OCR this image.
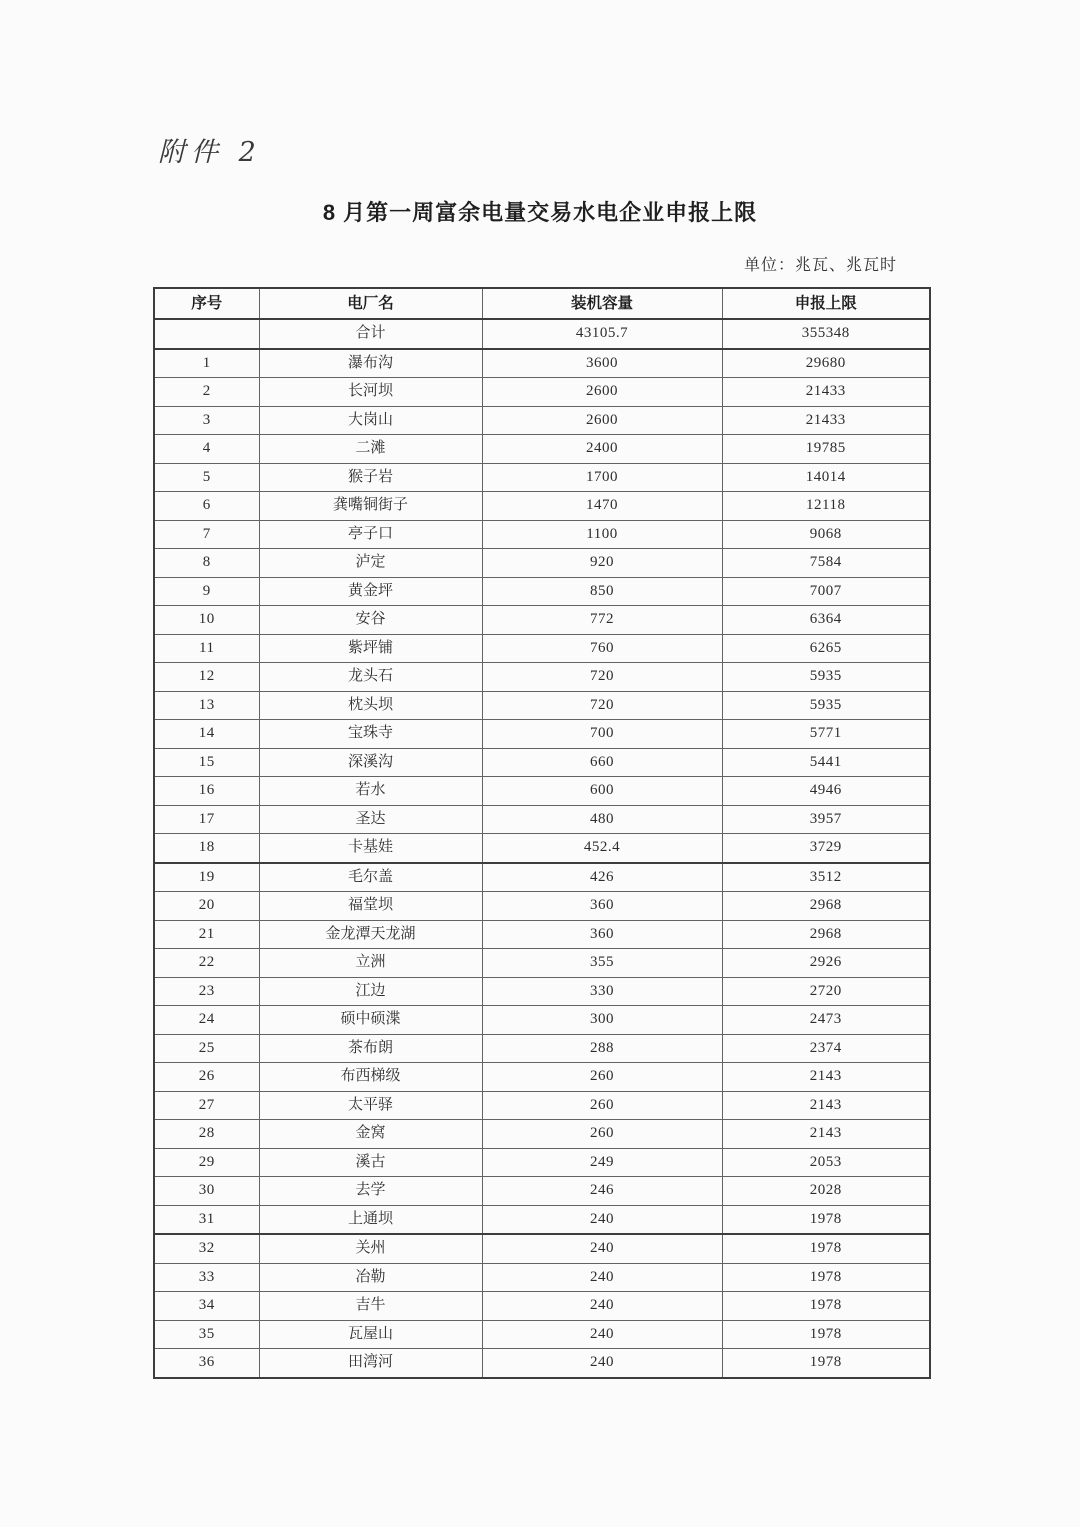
附件 2
8 月第一周富余电量交易水电企业申报上限
单位：兆瓦、兆瓦时
序号	电厂名	装机容量	申报上限
	合计	43105.7	355348
1	瀑布沟	3600	29680
2	长河坝	2600	21433
3	大岗山	2600	21433
4	二滩	2400	19785
5	猴子岩	1700	14014
6	龚嘴铜街子	1470	12118
7	亭子口	1100	9068
8	泸定	920	7584
9	黄金坪	850	7007
10	安谷	772	6364
11	紫坪铺	760	6265
12	龙头石	720	5935
13	枕头坝	720	5935
14	宝珠寺	700	5771
15	深溪沟	660	5441
16	若水	600	4946
17	圣达	480	3957
18	卡基娃	452.4	3729
19	毛尔盖	426	3512
20	福堂坝	360	2968
21	金龙潭天龙湖	360	2968
22	立洲	355	2926
23	江边	330	2720
24	硕中硕渫	300	2473
25	茶布朗	288	2374
26	布西梯级	260	2143
27	太平驿	260	2143
28	金窝	260	2143
29	溪古	249	2053
30	去学	246	2028
31	上通坝	240	1978
32	关州	240	1978
33	冶勒	240	1978
34	吉牛	240	1978
35	瓦屋山	240	1978
36	田湾河	240	1978
